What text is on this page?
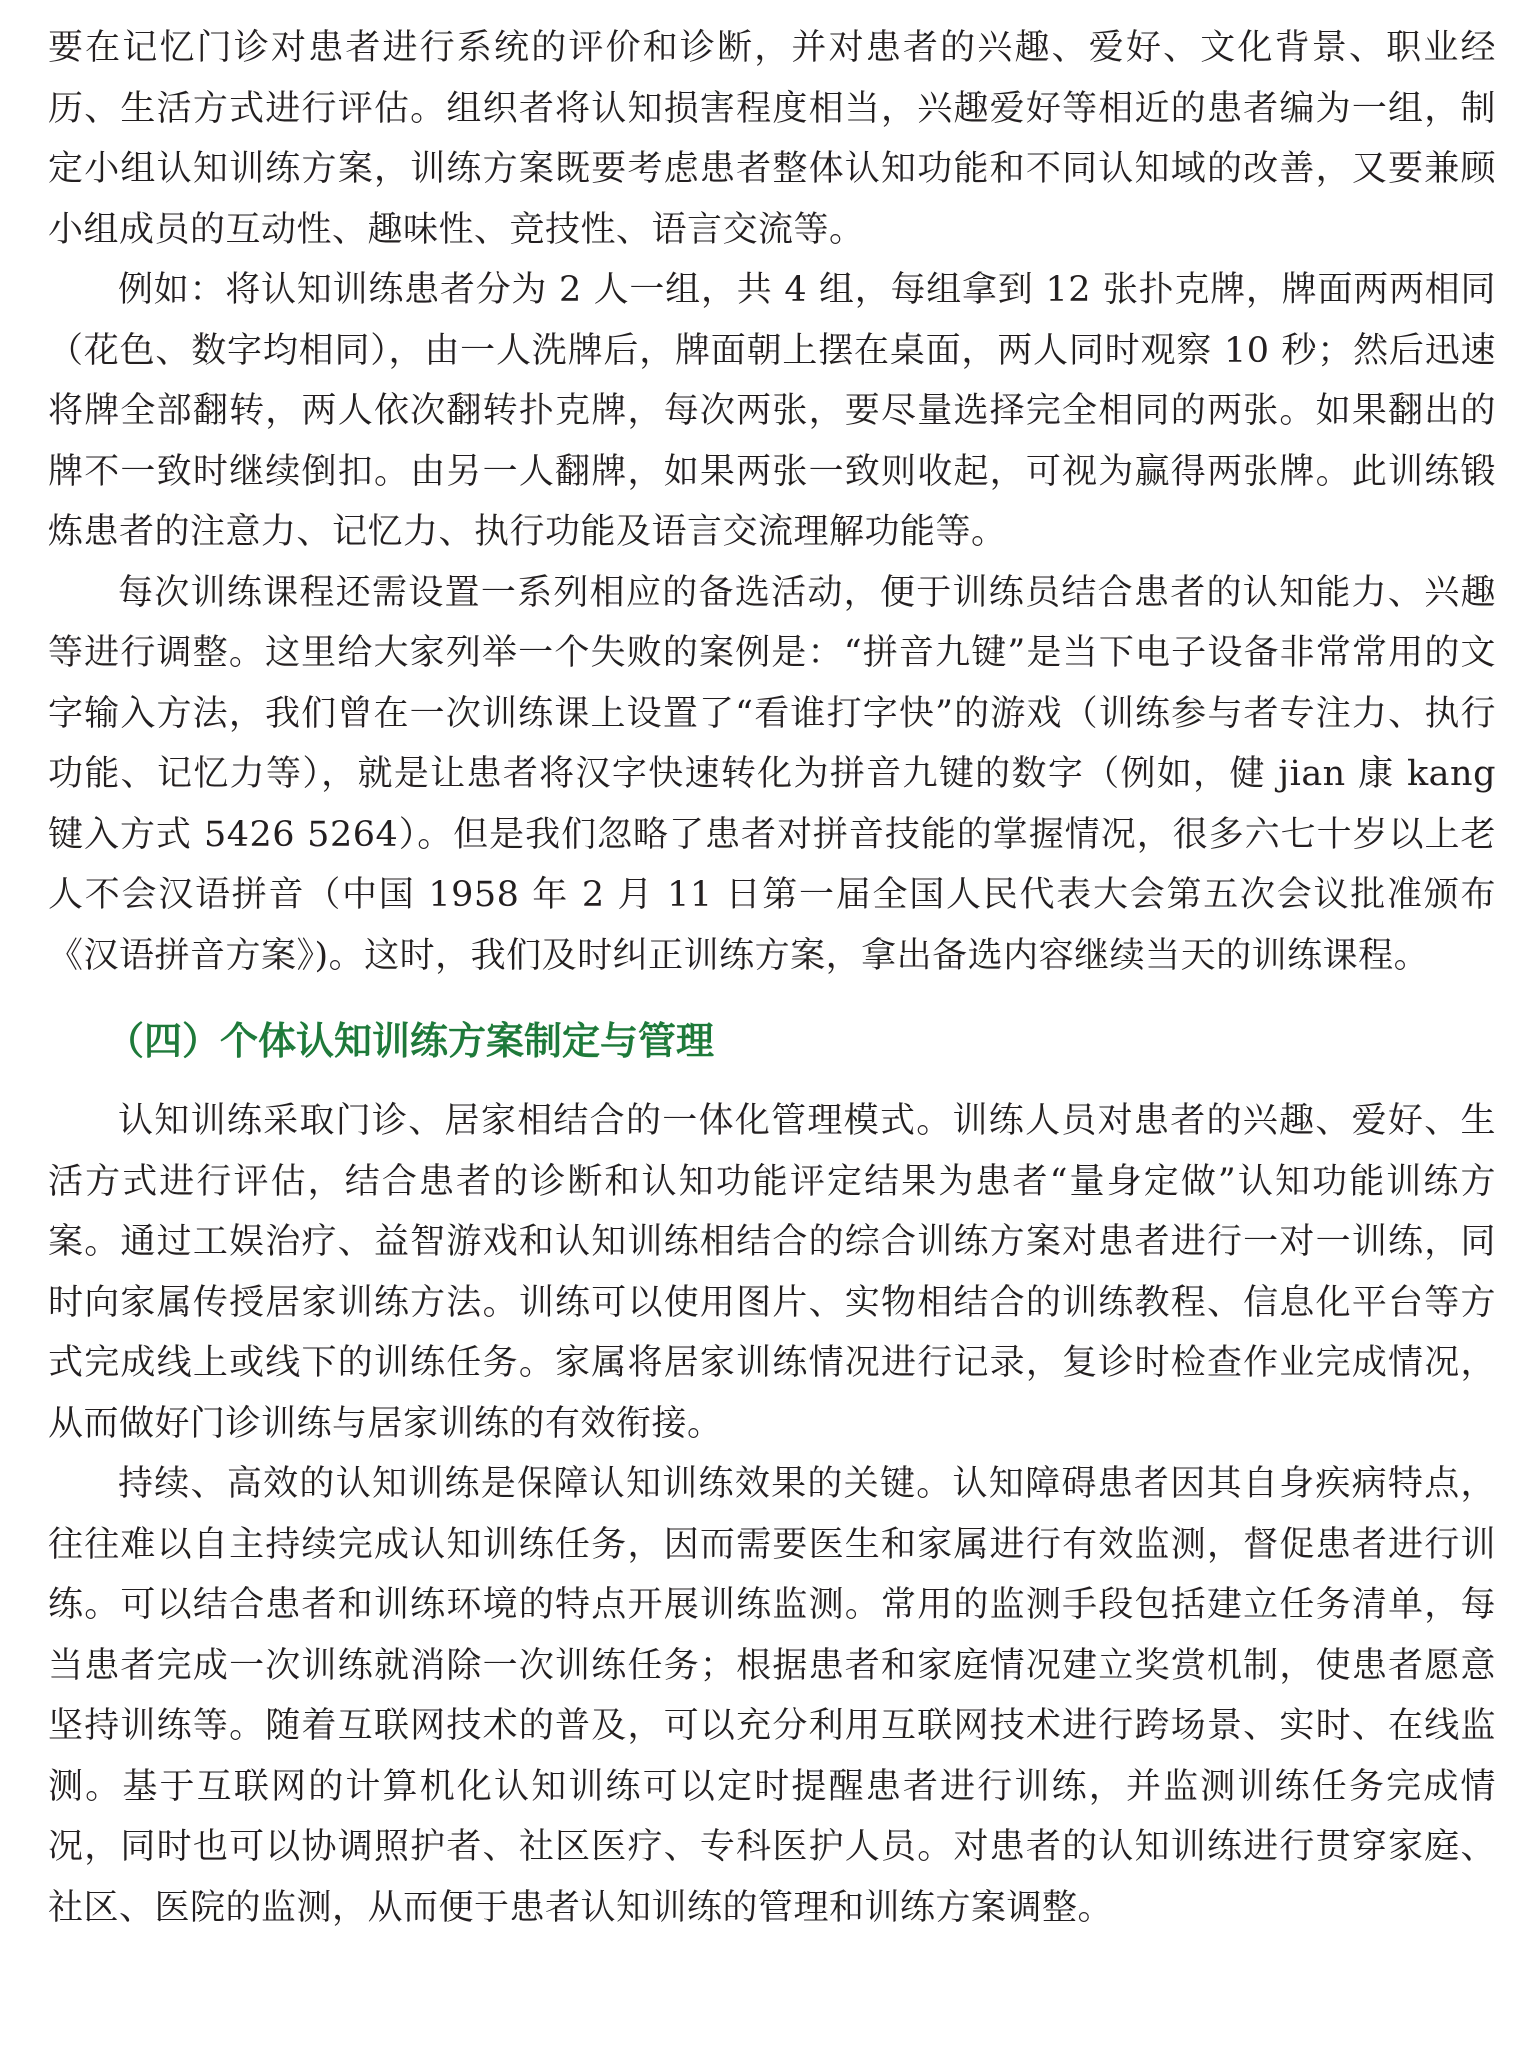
要在记忆门诊对患者进行系统的评价和诊断，并对患者的兴趣、爱好、文化背景、职业经历、生活方式进行评估。组织者将认知损害程度相当，兴趣爱好等相近的患者编为一组，制定小组认知训练方案，训练方案既要考虑患者整体认知功能和不同认知域的改善，又要兼顾小组成员的互动性、趣味性、竞技性、语言交流等。

例如：将认知训练患者分为 2 人一组，共 4 组，每组拿到 12 张扑克牌，牌面两两相同（花色、数字均相同），由一人洗牌后，牌面朝上摆在桌面，两人同时观察 10 秒；然后迅速将牌全部翻转，两人依次翻转扑克牌，每次两张，要尽量选择完全相同的两张。如果翻出的牌不一致时继续倒扣。由另一人翻牌，如果两张一致则收起，可视为赢得两张牌。此训练锻炼患者的注意力、记忆力、执行功能及语言交流理解功能等。

每次训练课程还需设置一系列相应的备选活动，便于训练员结合患者的认知能力、兴趣等进行调整。这里给大家列举一个失败的案例是：“拼音九键”是当下电子设备非常常用的文字输入方法，我们曾在一次训练课上设置了“看谁打字快”的游戏（训练参与者专注力、执行功能、记忆力等），就是让患者将汉字快速转化为拼音九键的数字（例如，健 jian 康 kang 键入方式 5426 5264）。但是我们忽略了患者对拼音技能的掌握情况，很多六七十岁以上老人不会汉语拼音（中国 1958 年 2 月 11 日第一届全国人民代表大会第五次会议批准颁布《汉语拼音方案》)。这时，我们及时纠正训练方案，拿出备选内容继续当天的训练课程。

（四）个体认知训练方案制定与管理

认知训练采取门诊、居家相结合的一体化管理模式。训练人员对患者的兴趣、爱好、生活方式进行评估，结合患者的诊断和认知功能评定结果为患者“量身定做”认知功能训练方案。通过工娱治疗、益智游戏和认知训练相结合的综合训练方案对患者进行一对一训练，同时向家属传授居家训练方法。训练可以使用图片、实物相结合的训练教程、信息化平台等方式完成线上或线下的训练任务。家属将居家训练情况进行记录，复诊时检查作业完成情况，从而做好门诊训练与居家训练的有效衔接。

持续、高效的认知训练是保障认知训练效果的关键。认知障碍患者因其自身疾病特点，往往难以自主持续完成认知训练任务，因而需要医生和家属进行有效监测，督促患者进行训练。可以结合患者和训练环境的特点开展训练监测。常用的监测手段包括建立任务清单，每当患者完成一次训练就消除一次训练任务；根据患者和家庭情况建立奖赏机制，使患者愿意坚持训练等。随着互联网技术的普及，可以充分利用互联网技术进行跨场景、实时、在线监测。基于互联网的计算机化认知训练可以定时提醒患者进行训练，并监测训练任务完成情况，同时也可以协调照护者、社区医疗、专科医护人员。对患者的认知训练进行贯穿家庭、社区、医院的监测，从而便于患者认知训练的管理和训练方案调整。
